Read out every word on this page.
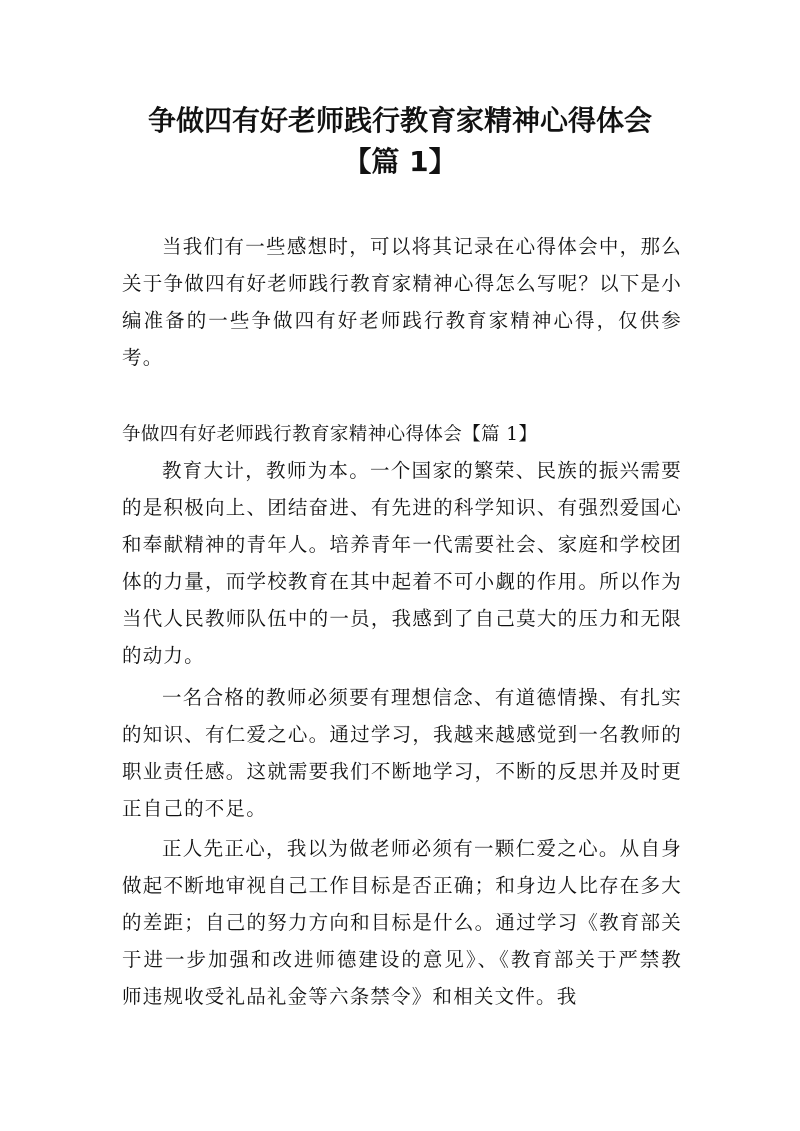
争做四有好老师践行教育家精神心得体会
【篇 1】

当我们有一些感想时，可以将其记录在心得体会中，那么关于争做四有好老师践行教育家精神心得怎么写呢？以下是小编准备的一些争做四有好老师践行教育家精神心得，仅供参考。

争做四有好老师践行教育家精神心得体会【篇 1】

教育大计，教师为本。一个国家的繁荣、民族的振兴需要的是积极向上、团结奋进、有先进的科学知识、有强烈爱国心和奉献精神的青年人。培养青年一代需要社会、家庭和学校团体的力量，而学校教育在其中起着不可小觑的作用。所以作为当代人民教师队伍中的一员，我感到了自己莫大的压力和无限的动力。

一名合格的教师必须要有理想信念、有道德情操、有扎实的知识、有仁爱之心。通过学习，我越来越感觉到一名教师的职业责任感。这就需要我们不断地学习，不断的反思并及时更正自己的不足。

正人先正心，我以为做老师必须有一颗仁爱之心。从自身做起不断地审视自己工作目标是否正确；和身边人比存在多大的差距；自己的努力方向和目标是什么。通过学习《教育部关于进一步加强和改进师德建设的意见》、《教育部关于严禁教师违规收受礼品礼金等六条禁令》和相关文件。我
